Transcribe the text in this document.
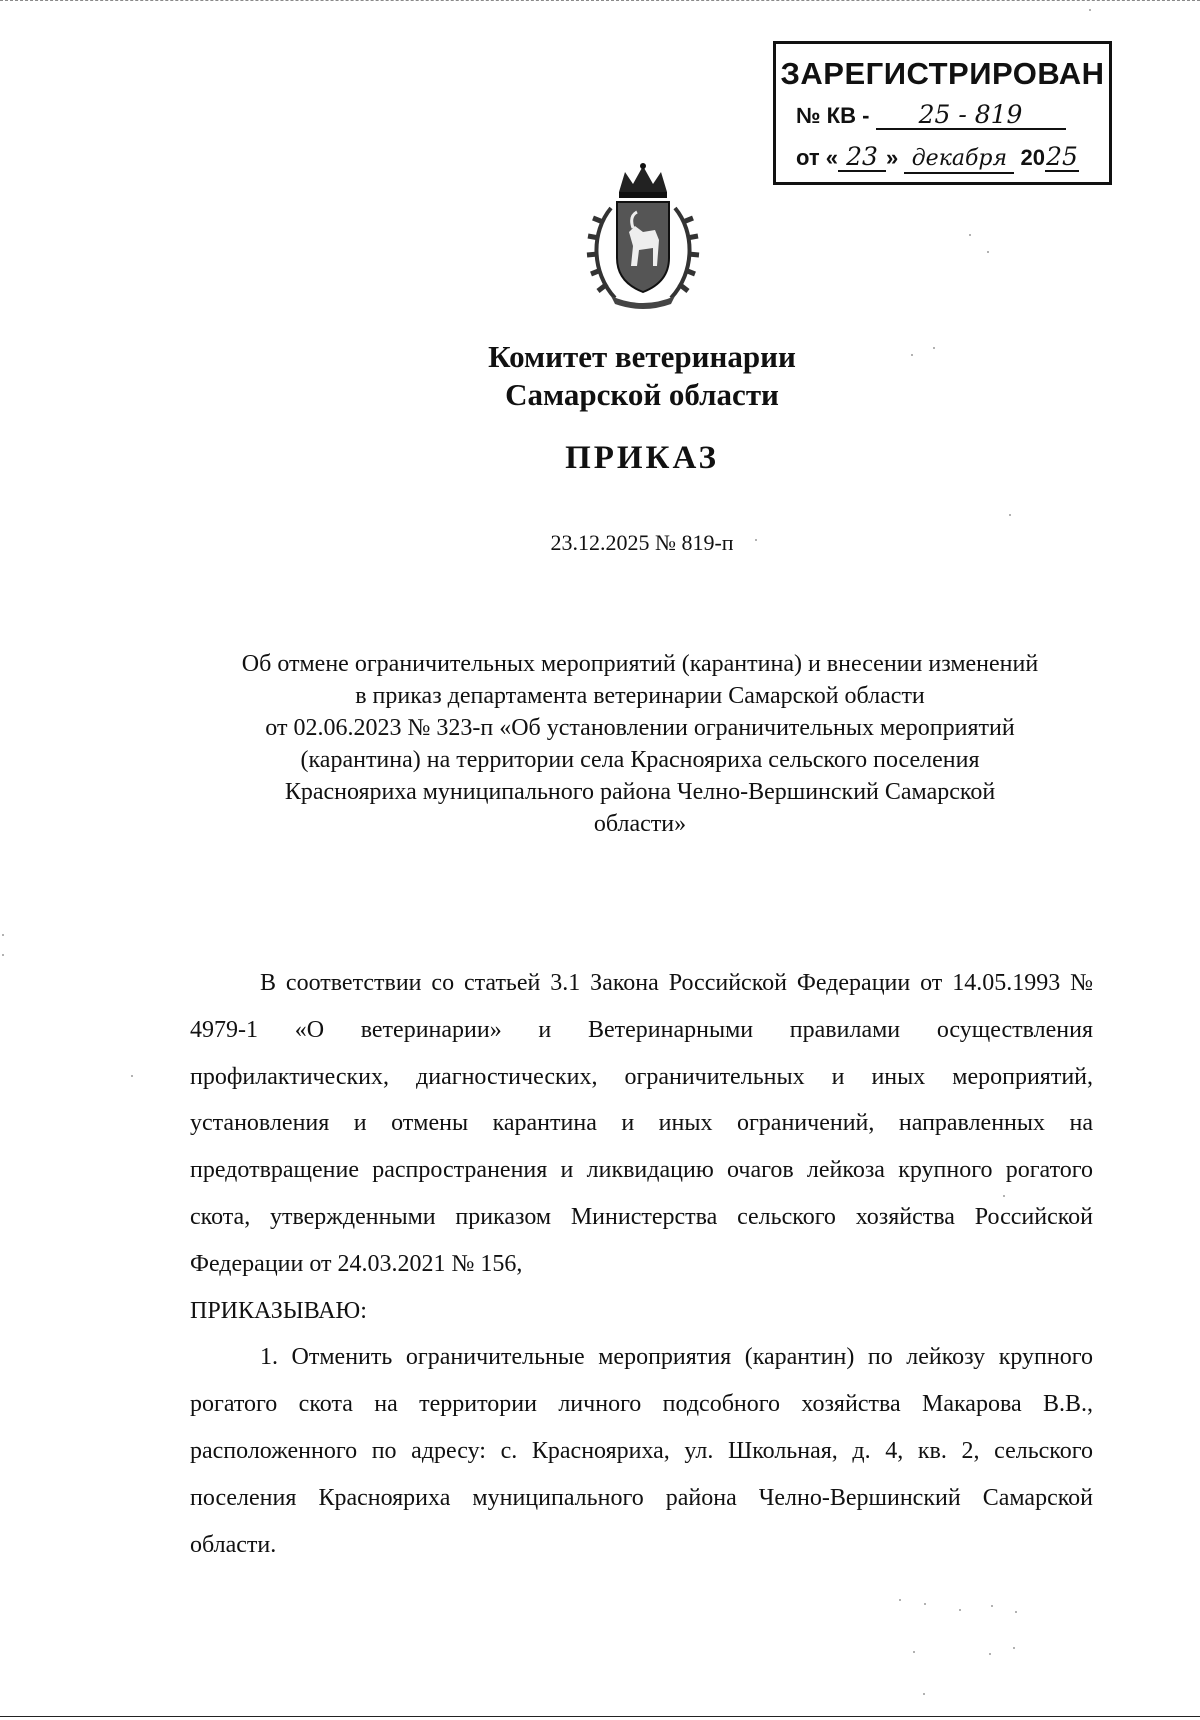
ЗАРЕГИСТРИРОВАН
№ КВ - 25 - 819
от « 23 » декабря 2025
Комитет ветеринарии
Самарской области
ПРИКАЗ
23.12.2025 № 819-п
Об отмене ограничительных мероприятий (карантина) и внесении изменений
в приказ департамента ветеринарии Самарской области
от 02.06.2023 № 323-п «Об установлении ограничительных мероприятий
(карантина) на территории села Краснояриха сельского поселения
Краснояриха муниципального района Челно-Вершинский Самарской
области»

В соответствии со статьей 3.1 Закона Российской Федерации от 14.05.1993 № 4979-1 «О ветеринарии» и Ветеринарными правилами осуществления профилактических, диагностических, ограничительных и иных мероприятий, установления и отмены карантина и иных ограничений, направленных на предотвращение распространения и ликвидацию очагов лейкоза крупного рогатого скота, утвержденными приказом Министерства сельского хозяйства Российской Федерации от 24.03.2021 № 156,

ПРИКАЗЫВАЮ:

1. Отменить ограничительные мероприятия (карантин) по лейкозу крупного рогатого скота на территории личного подсобного хозяйства Макарова В.В., расположенного по адресу: с. Краснояриха, ул. Школьная, д. 4, кв. 2, сельского поселения Краснояриха муниципального района Челно-Вершинский Самарской области.
